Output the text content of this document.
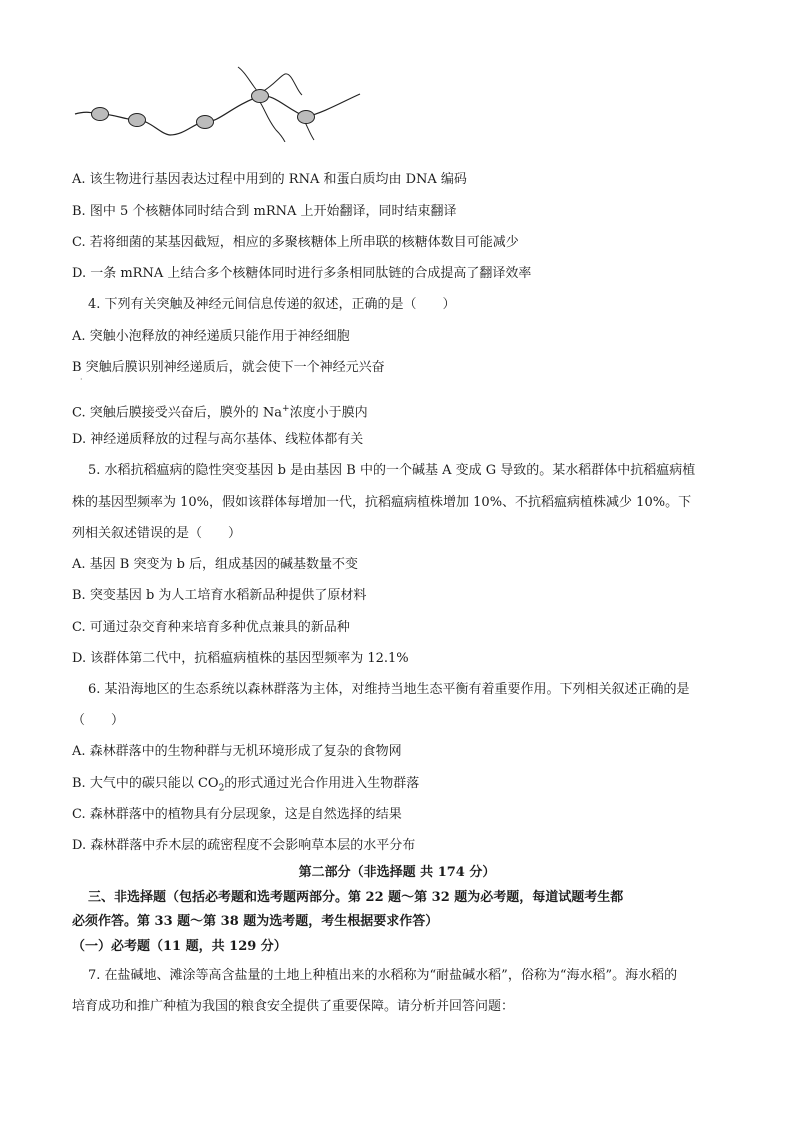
A. 该生物进行基因表达过程中用到的 RNA 和蛋白质均由 DNA 编码
B. 图中 5 个核糖体同时结合到 mRNA 上开始翻译，同时结束翻译
C. 若将细菌的某基因截短，相应的多聚核糖体上所串联的核糖体数目可能减少
D. 一条 mRNA 上结合多个核糖体同时进行多条相同肽链的合成提高了翻译效率
4. 下列有关突触及神经元间信息传递的叙述，正确的是（　　）
A. 突触小泡释放的神经递质只能作用于神经细胞
B 突触后膜识别神经递质后，就会使下一个神经元兴奋
·
C. 突触后膜接受兴奋后，膜外的 Na+浓度小于膜内
D. 神经递质释放的过程与高尔基体、线粒体都有关
5. 水稻抗稻瘟病的隐性突变基因 b 是由基因 B 中的一个碱基 A 变成 G 导致的。某水稻群体中抗稻瘟病植
株的基因型频率为 10%，假如该群体每增加一代，抗稻瘟病植株增加 10%、不抗稻瘟病植株减少 10%。下
列相关叙述错误的是（　　）
A. 基因 B 突变为 b 后，组成基因的碱基数量不变
B. 突变基因 b 为人工培育水稻新品种提供了原材料
C. 可通过杂交育种来培育多种优点兼具的新品种
D. 该群体第二代中，抗稻瘟病植株的基因型频率为 12.1%
6. 某沿海地区的生态系统以森林群落为主体，对维持当地生态平衡有着重要作用。下列相关叙述正确的是
（　　）
A. 森林群落中的生物种群与无机环境形成了复杂的食物网
B. 大气中的碳只能以 $CO_2$的形式通过光合作用进入生物群落
C. 森林群落中的植物具有分层现象，这是自然选择的结果
D. 森林群落中乔木层的疏密程度不会影响草本层的水平分布
第二部分（非选择题 共 174 分）
三、非选择题（包括必考题和选考题两部分。第 22 题～第 32 题为必考题，每道试题考生都
必须作答。第 33 题～第 38 题为选考题，考生根据要求作答）
（一）必考题（11 题，共 129 分）
7. 在盐碱地、滩涂等高含盐量的土地上种植出来的水稻称为“耐盐碱水稻”，俗称为“海水稻”。海水稻的
培育成功和推广种植为我国的粮食安全提供了重要保障。请分析并回答问题：
